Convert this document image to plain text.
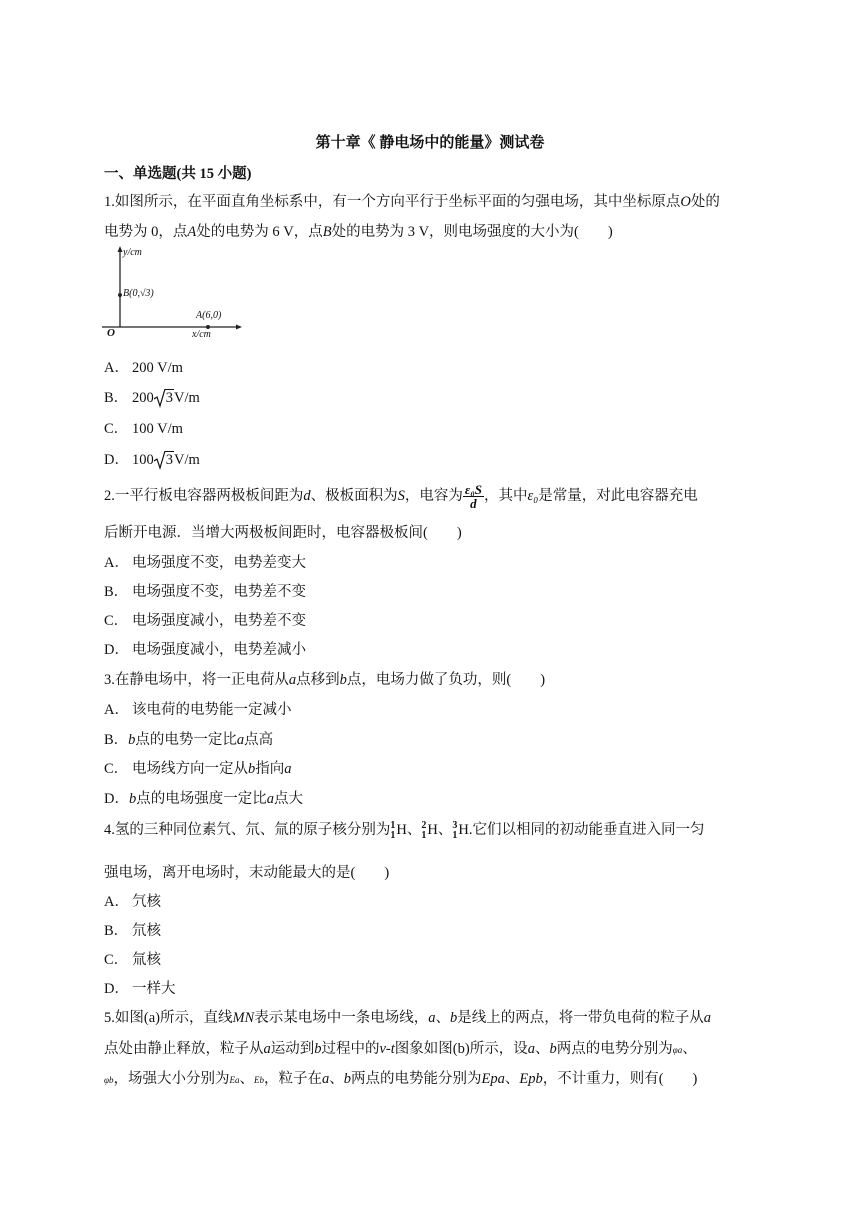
第十章《 静电场中的能量》测试卷
一、单选题(共 15 小题)
1.如图所示，在平面直角坐标系中，有一个方向平行于坐标平面的匀强电场，其中坐标原点O处的
电势为 0，点A处的电势为 6 V，点B处的电势为 3 V，则电场强度的大小为(　　)
y/cm
x/cm
O
B(0,√3)
A(6,0)
A． 200 V/m
B． 200 3V/m
C． 100 V/m
D． 100 3V/m
2.一平行板电容器两极板间距为d、极板面积为S，电容为 $\frac{\text{ε₀S}}{d}$ ，其中ε₀是常量，对此电容器充电
后断开电源．当增大两极板间距时，电容器极板间(　　)
A． 电场强度不变，电势差变大
B． 电场强度不变，电势差不变
C． 电场强度减小，电势差不变
D． 电场强度减小，电势差减小
3.在静电场中，将一正电荷从a点移到b点，电场力做了负功，则(　　)
A． 该电荷的电势能一定减小
B．b点的电势一定比a点高
C． 电场线方向一定从b指向a
D．b点的电场强度一定比a点大
4.氢的三种同位素氕、氘、氚的原子核分别为 1
1 H、 2
1 H、 3
1 H.它们以相同的初动能垂直进入同一匀
强电场，离开电场时，末动能最大的是(　　)
A． 氕核
B． 氘核
C． 氚核
D． 一样大
5.如图(a)所示，直线MN表示某电场中一条电场线，a、b是线上的两点，将一带负电荷的粒子从a
点处由静止释放，粒子从a运动到b过程中的v-t图象如图(b)所示，设a、b两点的电势分别为φa、
φb，场强大小分别为Ea、Eb，粒子在a、b两点的电势能分别为Epa、Epb，不计重力，则有(　　)
